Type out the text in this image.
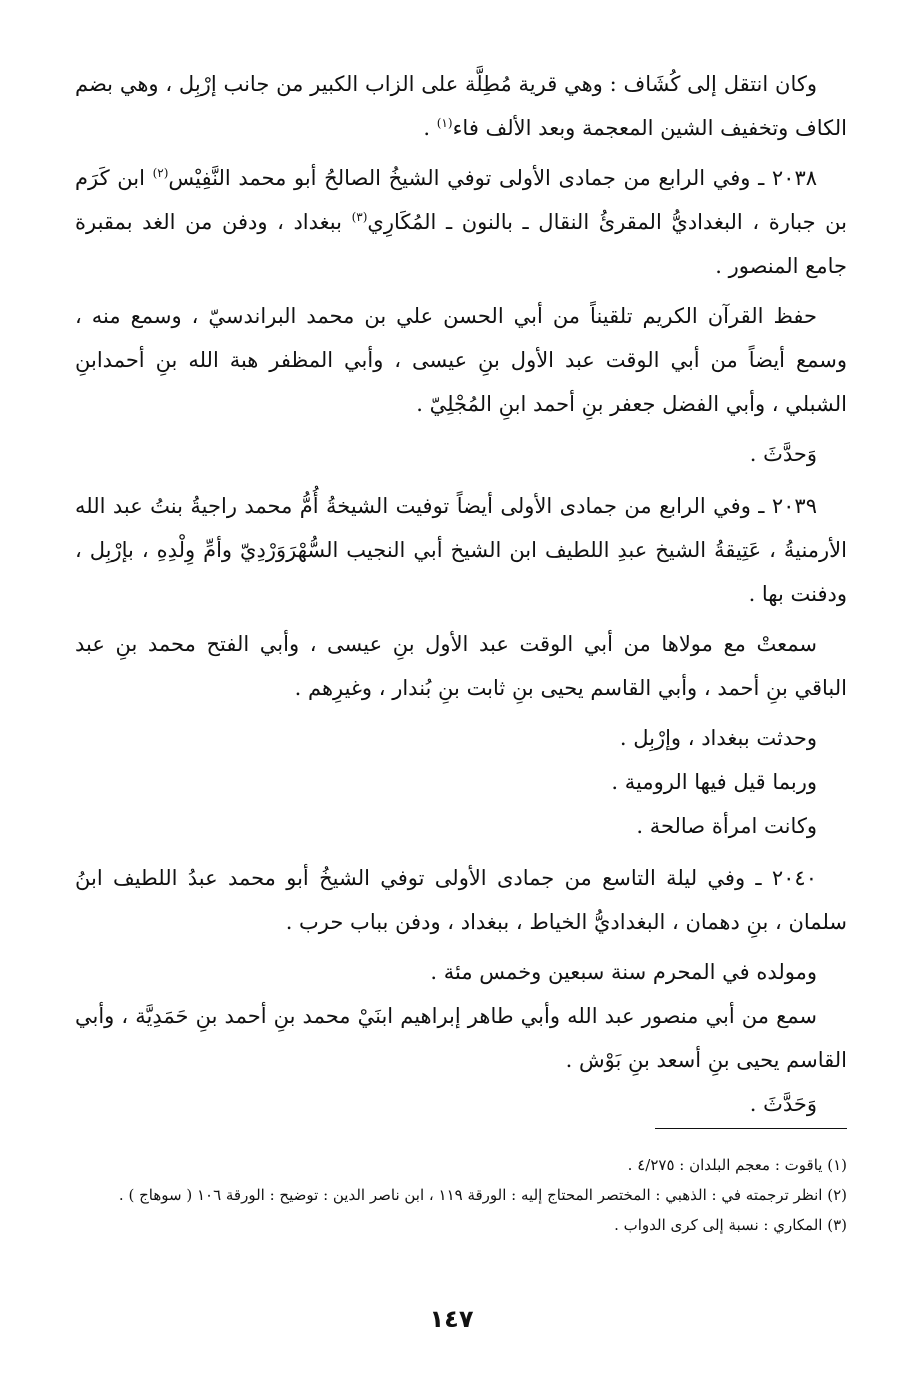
وكان انتقل إلى كُشَاف : وهي قرية مُطِلَّة على الزاب الكبير من جانب إرْبِل ، وهي بضم الكاف وتخفيف الشين المعجمة وبعد الألف فاء$^{(١)}$ .

٢٠٣٨ ـ وفي الرابع من جمادى الأولى توفي الشيخُ الصالحُ أبو محمد النَّفِيْس$^{(٢)}$ ابن كَرَم بن جبارة ، البغداديُّ المقرئُ النقال ـ بالنون ـ المُكَارِي$^{(٣)}$ ببغداد ، ودفن من الغد بمقبرة جامع المنصور .

حفظ القرآن الكريم تلقيناً من أبي الحسن علي بن محمد البراندسيّ ، وسمع منه ، وسمع أيضاً من أبي الوقت عبد الأول بنِ عيسى ، وأبي المظفر هبة الله بنِ أحمدابنِ الشبلي ، وأبي الفضل جعفر بنِ أحمد ابنِ المُجْلِيّ .

وَحدَّثَ .

٢٠٣٩ ـ وفي الرابع من جمادى الأولى أيضاً توفيت الشيخةُ أُمُّ محمد راجيةُ بنتُ عبد الله الأرمنيةُ ، عَتِيقةُ الشيخ عبدِ اللطيف ابن الشيخ أبي النجيب السُّهْرَوَرْدِيّ وأمِّ وِلْدِهِ ، بإرْبِل ، ودفنت بها .

سمعتْ مع مولاها من أبي الوقت عبد الأول بنِ عيسى ، وأبي الفتح محمد بنِ عبد الباقي بنِ أحمد ، وأبي القاسم يحيى بنِ ثابت بنِ بُندار ، وغيرِهم .

وحدثت ببغداد ، وإرْبِل .

وربما قيل فيها الرومية .

وكانت امرأة صالحة .

٢٠٤٠ ـ وفي ليلة التاسع من جمادى الأولى توفي الشيخُ أبو محمد عبدُ اللطيف ابنُ سلمان ، بنِ دهمان ، البغداديُّ الخياط ، ببغداد ، ودفن بباب حرب .

ومولده في المحرم سنة سبعين وخمس مئة .

سمع من أبي منصور عبد الله وأبي طاهر إبراهيم ابنَيْ محمد بنِ أحمد بنِ حَمَدِيَّة ، وأبي القاسم يحيى بنِ أسعد بنِ بَوْش .

وَحَدَّثَ .

(١) ياقوت : معجم البلدان : ٤/٢٧٥ .

(٢) انظر ترجمته في : الذهبي : المختصر المحتاج إليه : الورقة ١١٩ ، ابن ناصر الدين : توضيح : الورقة ١٠٦ ( سوهاج ) .

(٣) المكاري : نسبة إلى كرى الدواب .

١٤٧
